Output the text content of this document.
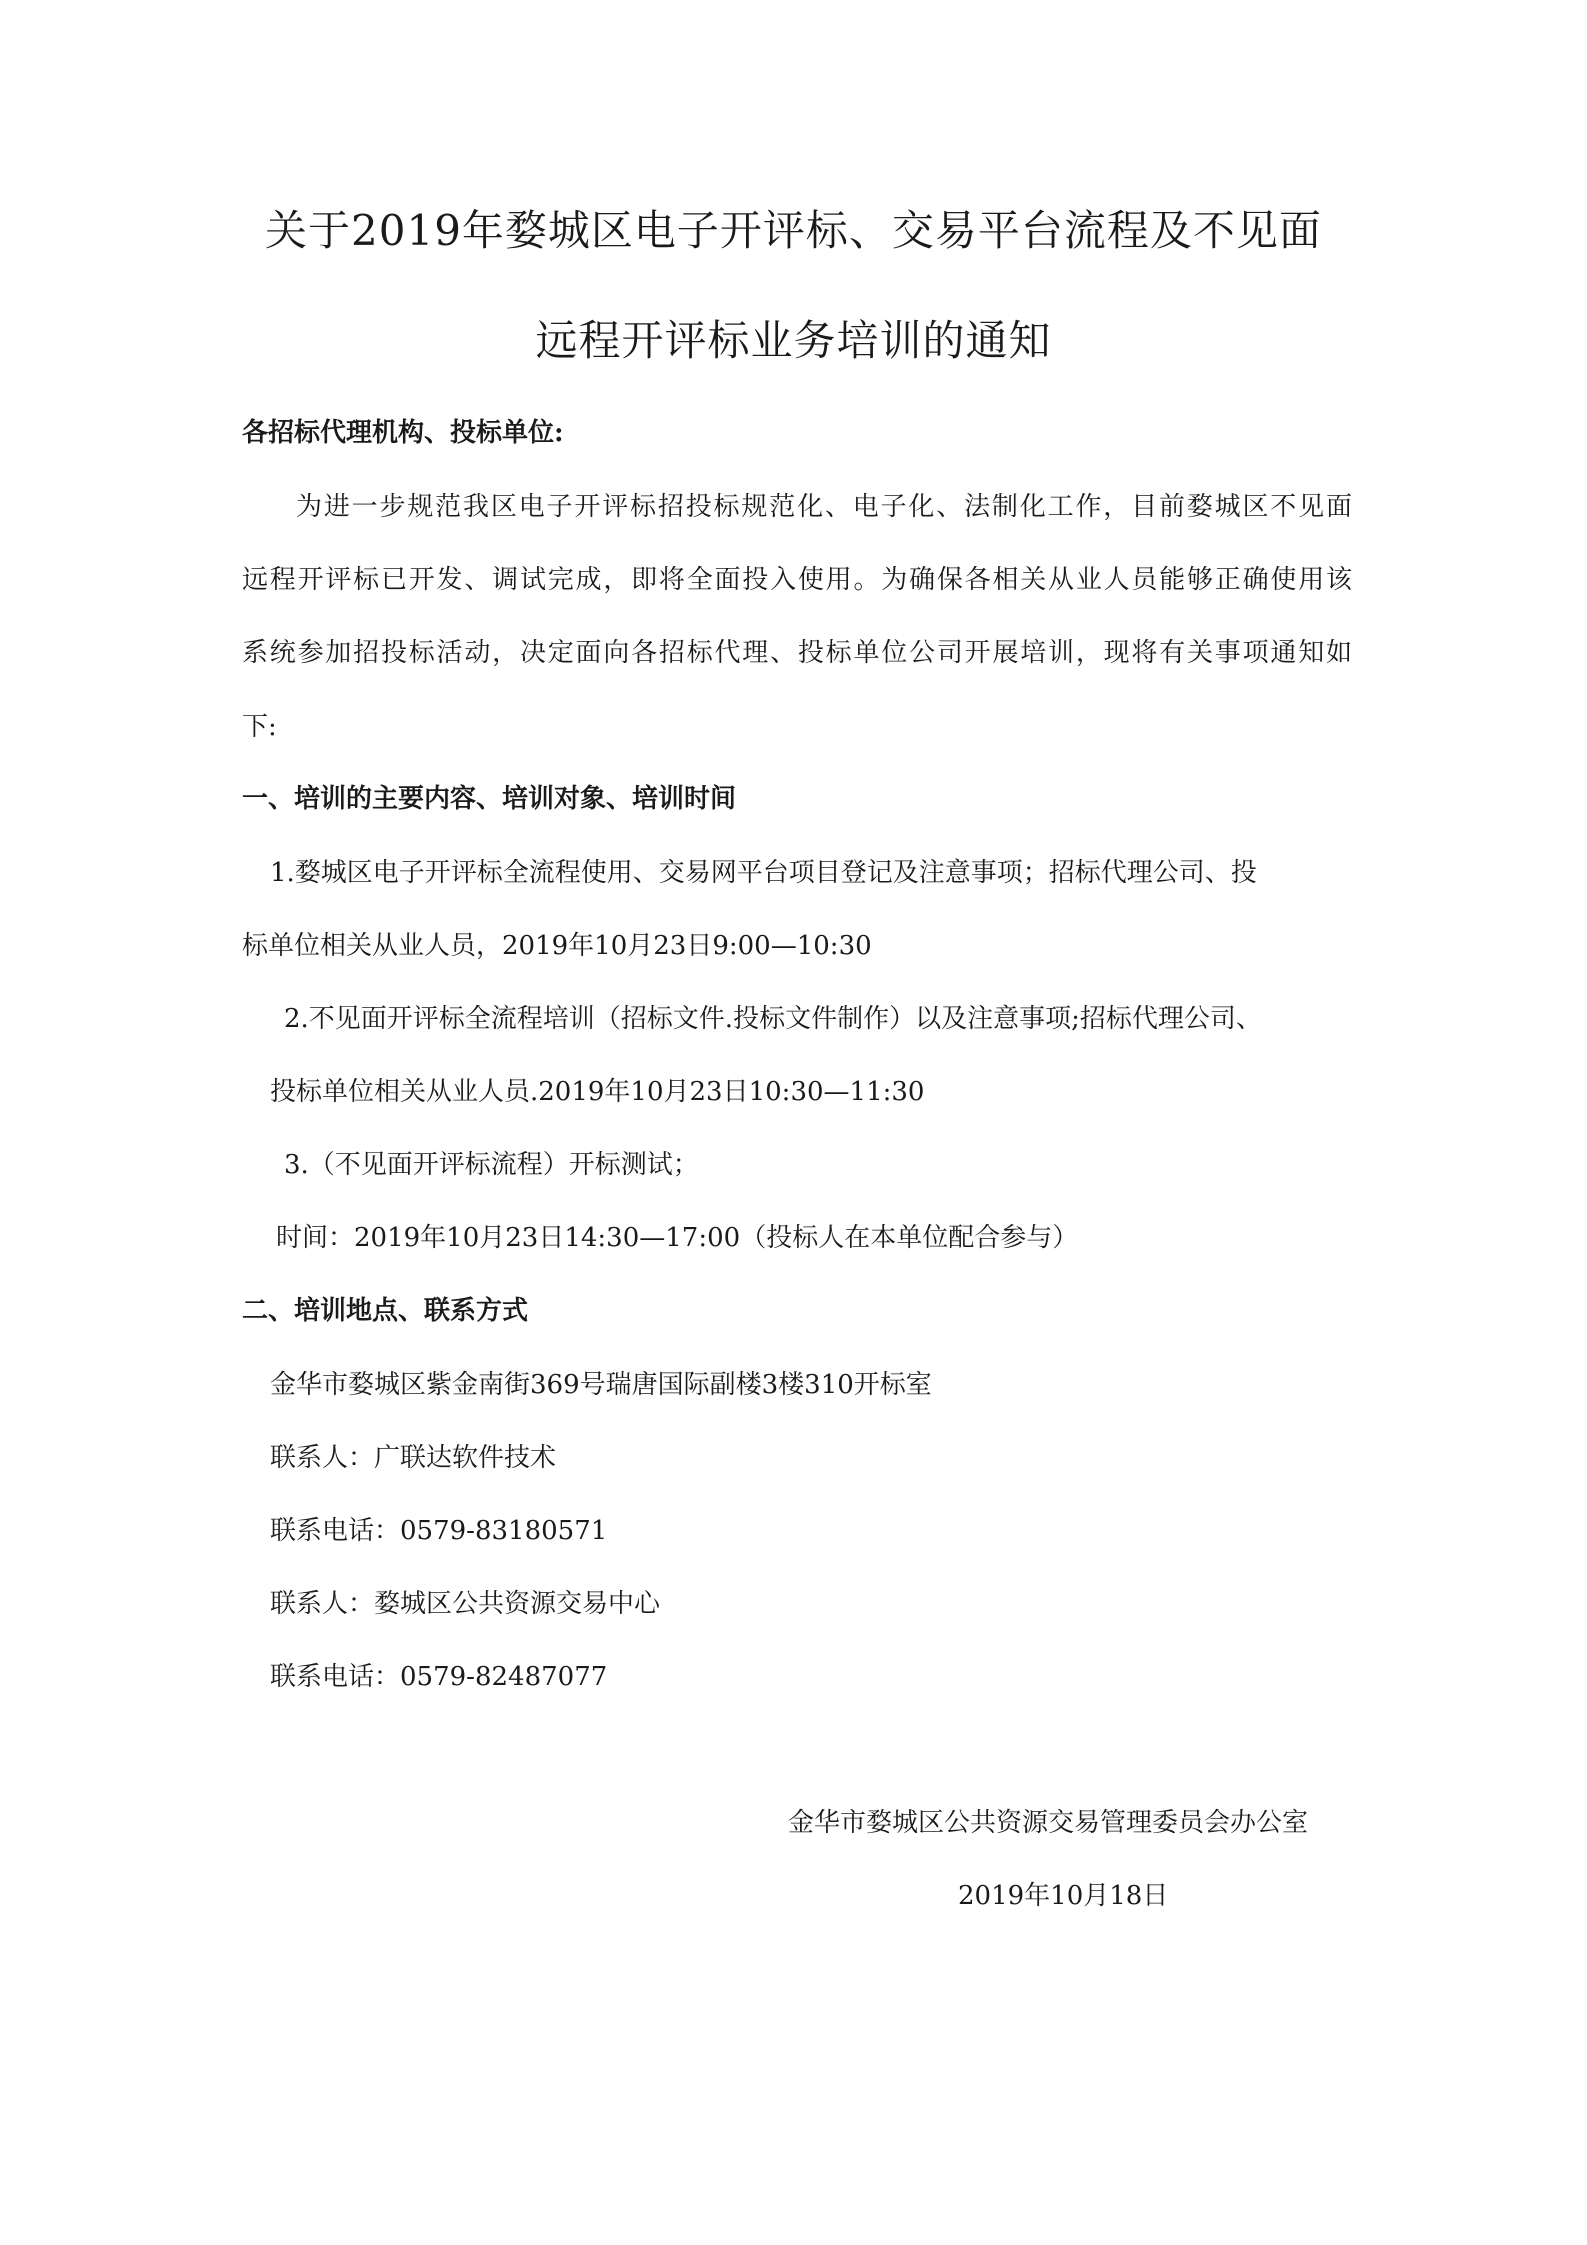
关于2019年婺城区电子开评标、交易平台流程及不见面
远程开评标业务培训的通知
各招标代理机构、投标单位:
为进一步规范我区电子开评标招投标规范化、电子化、法制化工作，目前婺城区不见面
远程开评标已开发、调试完成，即将全面投入使用。为确保各相关从业人员能够正确使用该
系统参加招投标活动，决定面向各招标代理、投标单位公司开展培训，现将有关事项通知如
下:
一、培训的主要内容、培训对象、培训时间
1.婺城区电子开评标全流程使用、交易网平台项目登记及注意事项；招标代理公司、投
标单位相关从业人员，2019年10月23日9:00—10:30
2.不见面开评标全流程培训（招标文件.投标文件制作）以及注意事项;招标代理公司、
投标单位相关从业人员.2019年10月23日10:30—11:30
3.（不见面开评标流程）开标测试；
时间：2019年10月23日14:30—17:00（投标人在本单位配合参与）
二、培训地点、联系方式
金华市婺城区紫金南街369号瑞唐国际副楼3楼310开标室
联系人：广联达软件技术
联系电话：0579-83180571
联系人：婺城区公共资源交易中心
联系电话：0579-82487077
金华市婺城区公共资源交易管理委员会办公室
2019年10月18日
